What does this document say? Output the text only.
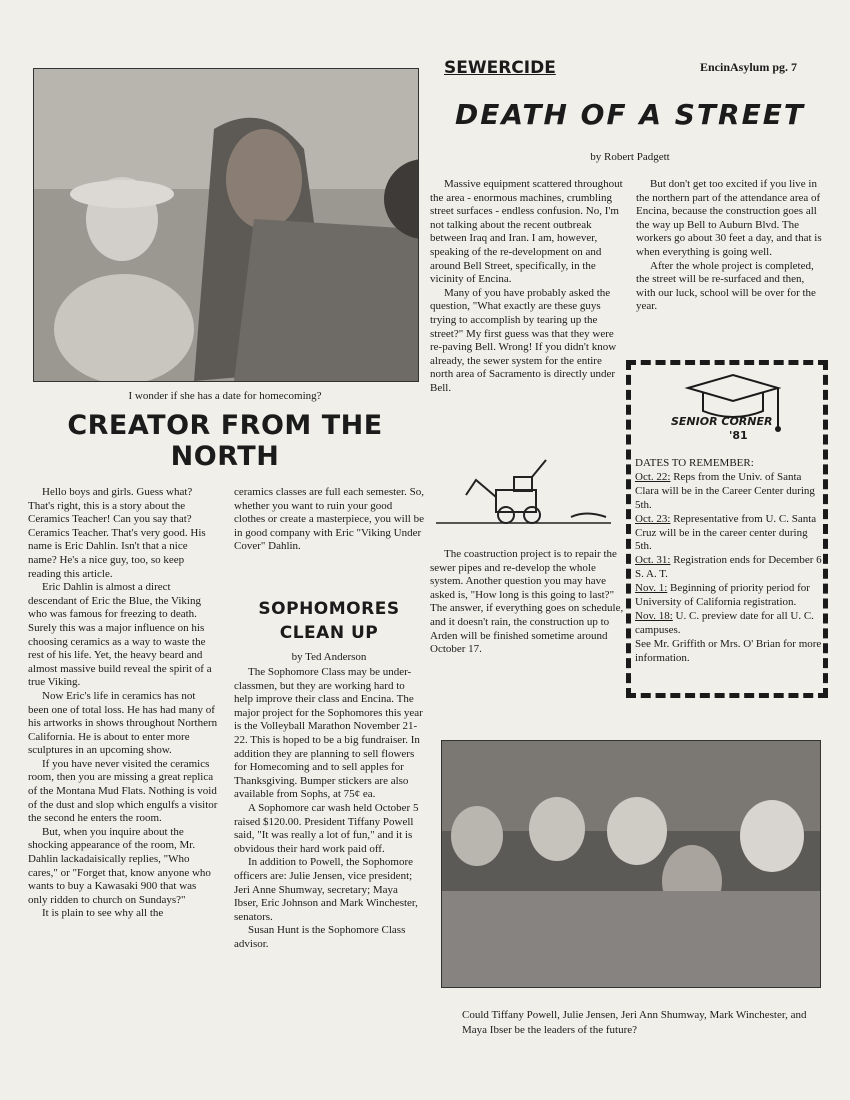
SEWERCIDE	EncinAsylum pg. 7
I wonder if she has a date for homecoming?
CREATOR FROM THE
NORTH

Hello boys and girls. Guess what? That's right, this is a story about the Ceramics Teacher! Can you say that? Ceramics Teacher. That's very good. His name is Eric Dahlin. Isn't that a nice name? He's a nice guy, too, so keep reading this article.

Eric Dahlin is almost a direct descendant of Eric the Blue, the Viking who was famous for freezing to death. Surely this was a major influence on his choosing ceramics as a way to waste the rest of his life. Yet, the heavy beard and almost massive build reveal the spirit of a true Viking.

Now Eric's life in ceramics has not been one of total loss. He has had many of his artworks in shows throughout Northern California. He is about to enter more sculptures in an upcoming show.

If you have never visited the ceramics room, then you are missing a great replica of the Montana Mud Flats. Nothing is void of the dust and slop which engulfs a visitor the second he enters the room.

But, when you inquire about the shocking appearance of the room, Mr. Dahlin lackadaisically replies, "Who cares," or "Forget that, know anyone who wants to buy a Kawasaki 900 that was only ridden to church on Sundays?"

It is plain to see why all the

ceramics classes are full each semester. So, whether you want to ruin your good clothes or create a masterpiece, you will be in good company with Eric "Viking Under Cover" Dahlin.

SOPHOMORES
CLEAN UP
by Ted Anderson

The Sophomore Class may be under-classmen, but they are working hard to help improve their class and Encina. The major project for the Sophomores this year is the Volleyball Marathon November 21-22. This is hoped to be a big fundraiser. In addition they are planning to sell flowers for Homecoming and to sell apples for Thanksgiving. Bumper stickers are also available from Sophs, at 75¢ ea.

A Sophomore car wash held October 5 raised $120.00. President Tiffany Powell said, "It was really a lot of fun," and it is obvidous their hard work paid off.

In addition to Powell, the Sophomore officers are: Julie Jensen, vice president; Jeri Anne Shumway, secretary; Maya Ibser, Eric Johnson and Mark Winchester, senators.

Susan Hunt is the Sophomore Class advisor.

DEATH OF A STREET
by Robert Padgett

Massive equipment scattered throughout the area - enormous machines, crumbling street surfaces - endless confusion. No, I'm not talking about the recent outbreak between Iraq and Iran. I am, however, speaking of the re-development on and around Bell Street, specifically, in the vicinity of Encina.

Many of you have probably asked the question, "What exactly are these guys trying to accomplish by tearing up the street?" My first guess was that they were re-paving Bell. Wrong! If you didn't know already, the sewer system for the entire north area of Sacramento is directly under Bell.

The coastruction project is to repair the sewer pipes and re-develop the whole system. Another question you may have asked is, "How long is this going to last?" The answer, if everything goes on schedule, and it doesn't rain, the construction up to Arden will be finished sometime around October 17.

But don't get too excited if you live in the northern part of the attendance area of Encina, because the construction goes all the way up Bell to Auburn Blvd. The workers go about 30 feet a day, and that is when everything is going well.

After the whole project is completed, the street will be re-surfaced and then, with our luck, school will be over for the year.

SENIOR CORNER
'81
DATES TO REMEMBER:
Oct. 22: Reps from the Univ. of Santa Clara will be in the Career Center during 5th.
Oct. 23: Representative from U. C. Santa Cruz will be in the career center during 5th.
Oct. 31: Registration ends for December 6 S. A. T.
Nov. 1: Beginning of priority period for University of California registration.
Nov. 18: U. C. preview date for all U. C. campuses.
See Mr. Griffith or Mrs. O' Brian for more information.
Could Tiffany Powell, Julie Jensen, Jeri Ann Shumway, Mark Winchester, and Maya Ibser be the leaders of the future?
